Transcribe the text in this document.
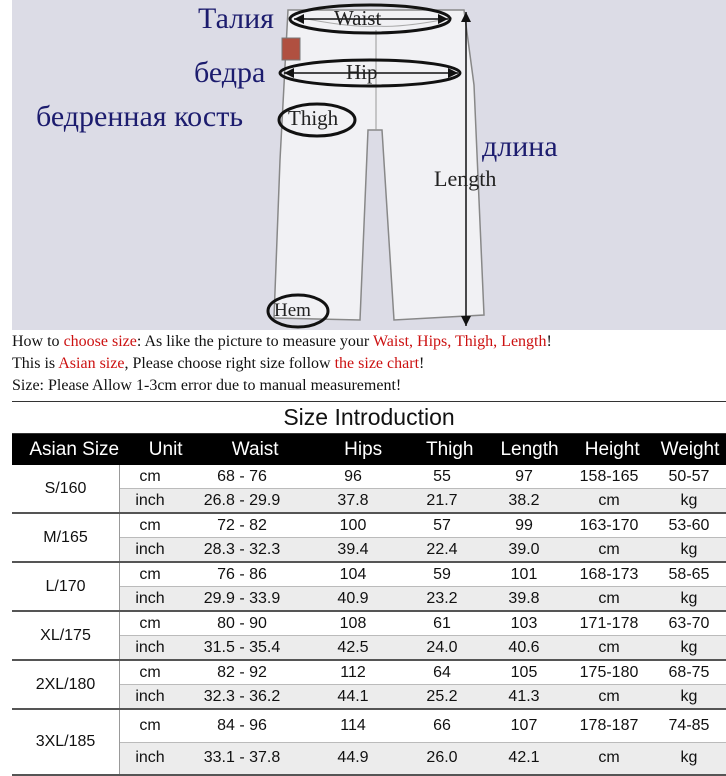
Талия
бедра
бедренная кость
длина
Waist
Hip
Thigh
Length
Hem
How to choose size: As like the picture to measure your Waist, Hips, Thigh, Length!
This is Asian size, Please choose right size follow the size chart!
Size: Please Allow 1-3cm error due to manual measurement!
Size Introduction
Asian Size	Unit	Waist	Hips	Thigh	Length	Height	Weight
S/160
cm	68 - 76	96	55	97	158-165	50-57
inch	26.8 - 29.9	37.8	21.7	38.2	cm	kg
M/165
cm	72 - 82	100	57	99	163-170	53-60
inch	28.3 - 32.3	39.4	22.4	39.0	cm	kg
L/170
cm	76 - 86	104	59	101	168-173	58-65
inch	29.9 - 33.9	40.9	23.2	39.8	cm	kg
XL/175
cm	80 - 90	108	61	103	171-178	63-70
inch	31.5 - 35.4	42.5	24.0	40.6	cm	kg
2XL/180
cm	82 - 92	112	64	105	175-180	68-75
inch	32.3 - 36.2	44.1	25.2	41.3	cm	kg
3XL/185
cm	84 - 96	114	66	107	178-187	74-85
inch	33.1 - 37.8	44.9	26.0	42.1	cm	kg
